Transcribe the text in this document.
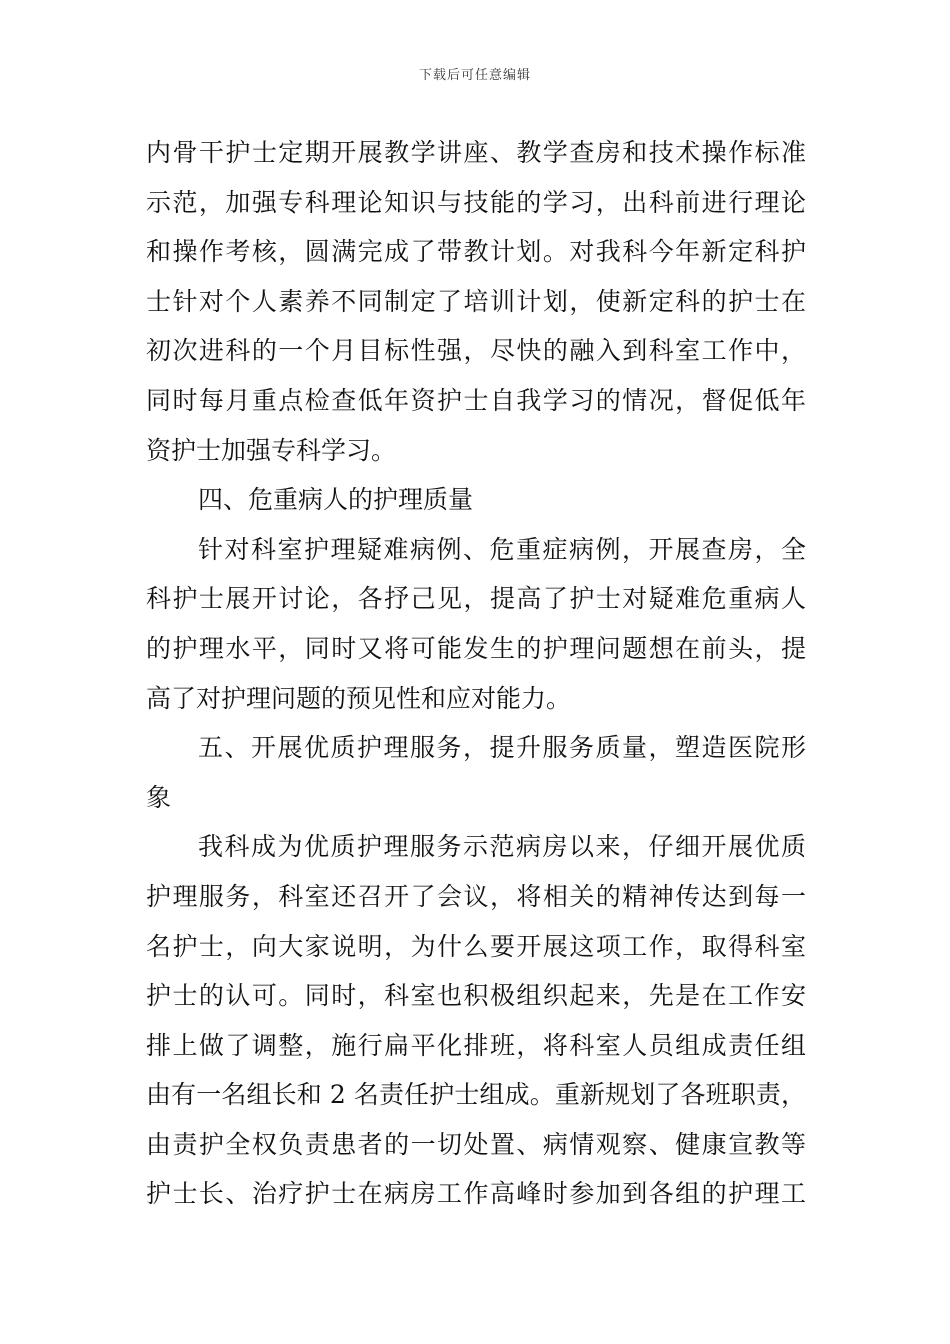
下载后可任意编辑
内骨干护士定期开展教学讲座、教学查房和技术操作标准
示范，加强专科理论知识与技能的学习，出科前进行理论
和操作考核，圆满完成了带教计划。对我科今年新定科护
士针对个人素养不同制定了培训计划，使新定科的护士在
初次进科的一个月目标性强，尽快的融入到科室工作中，
同时每月重点检查低年资护士自我学习的情况，督促低年
资护士加强专科学习。
四、危重病人的护理质量
针对科室护理疑难病例、危重症病例，开展查房，全
科护士展开讨论，各抒己见，提高了护士对疑难危重病人
的护理水平，同时又将可能发生的护理问题想在前头，提
高了对护理问题的预见性和应对能力。
五、开展优质护理服务，提升服务质量，塑造医院形
象
我科成为优质护理服务示范病房以来，仔细开展优质
护理服务，科室还召开了会议，将相关的精神传达到每一
名护士，向大家说明，为什么要开展这项工作，取得科室
护士的认可。同时，科室也积极组织起来，先是在工作安
排上做了调整，施行扁平化排班，将科室人员组成责任组
由有一名组长和 2 名责任护士组成。重新规划了各班职责，
由责护全权负责患者的一切处置、病情观察、健康宣教等
护士长、治疗护士在病房工作高峰时参加到各组的护理工
